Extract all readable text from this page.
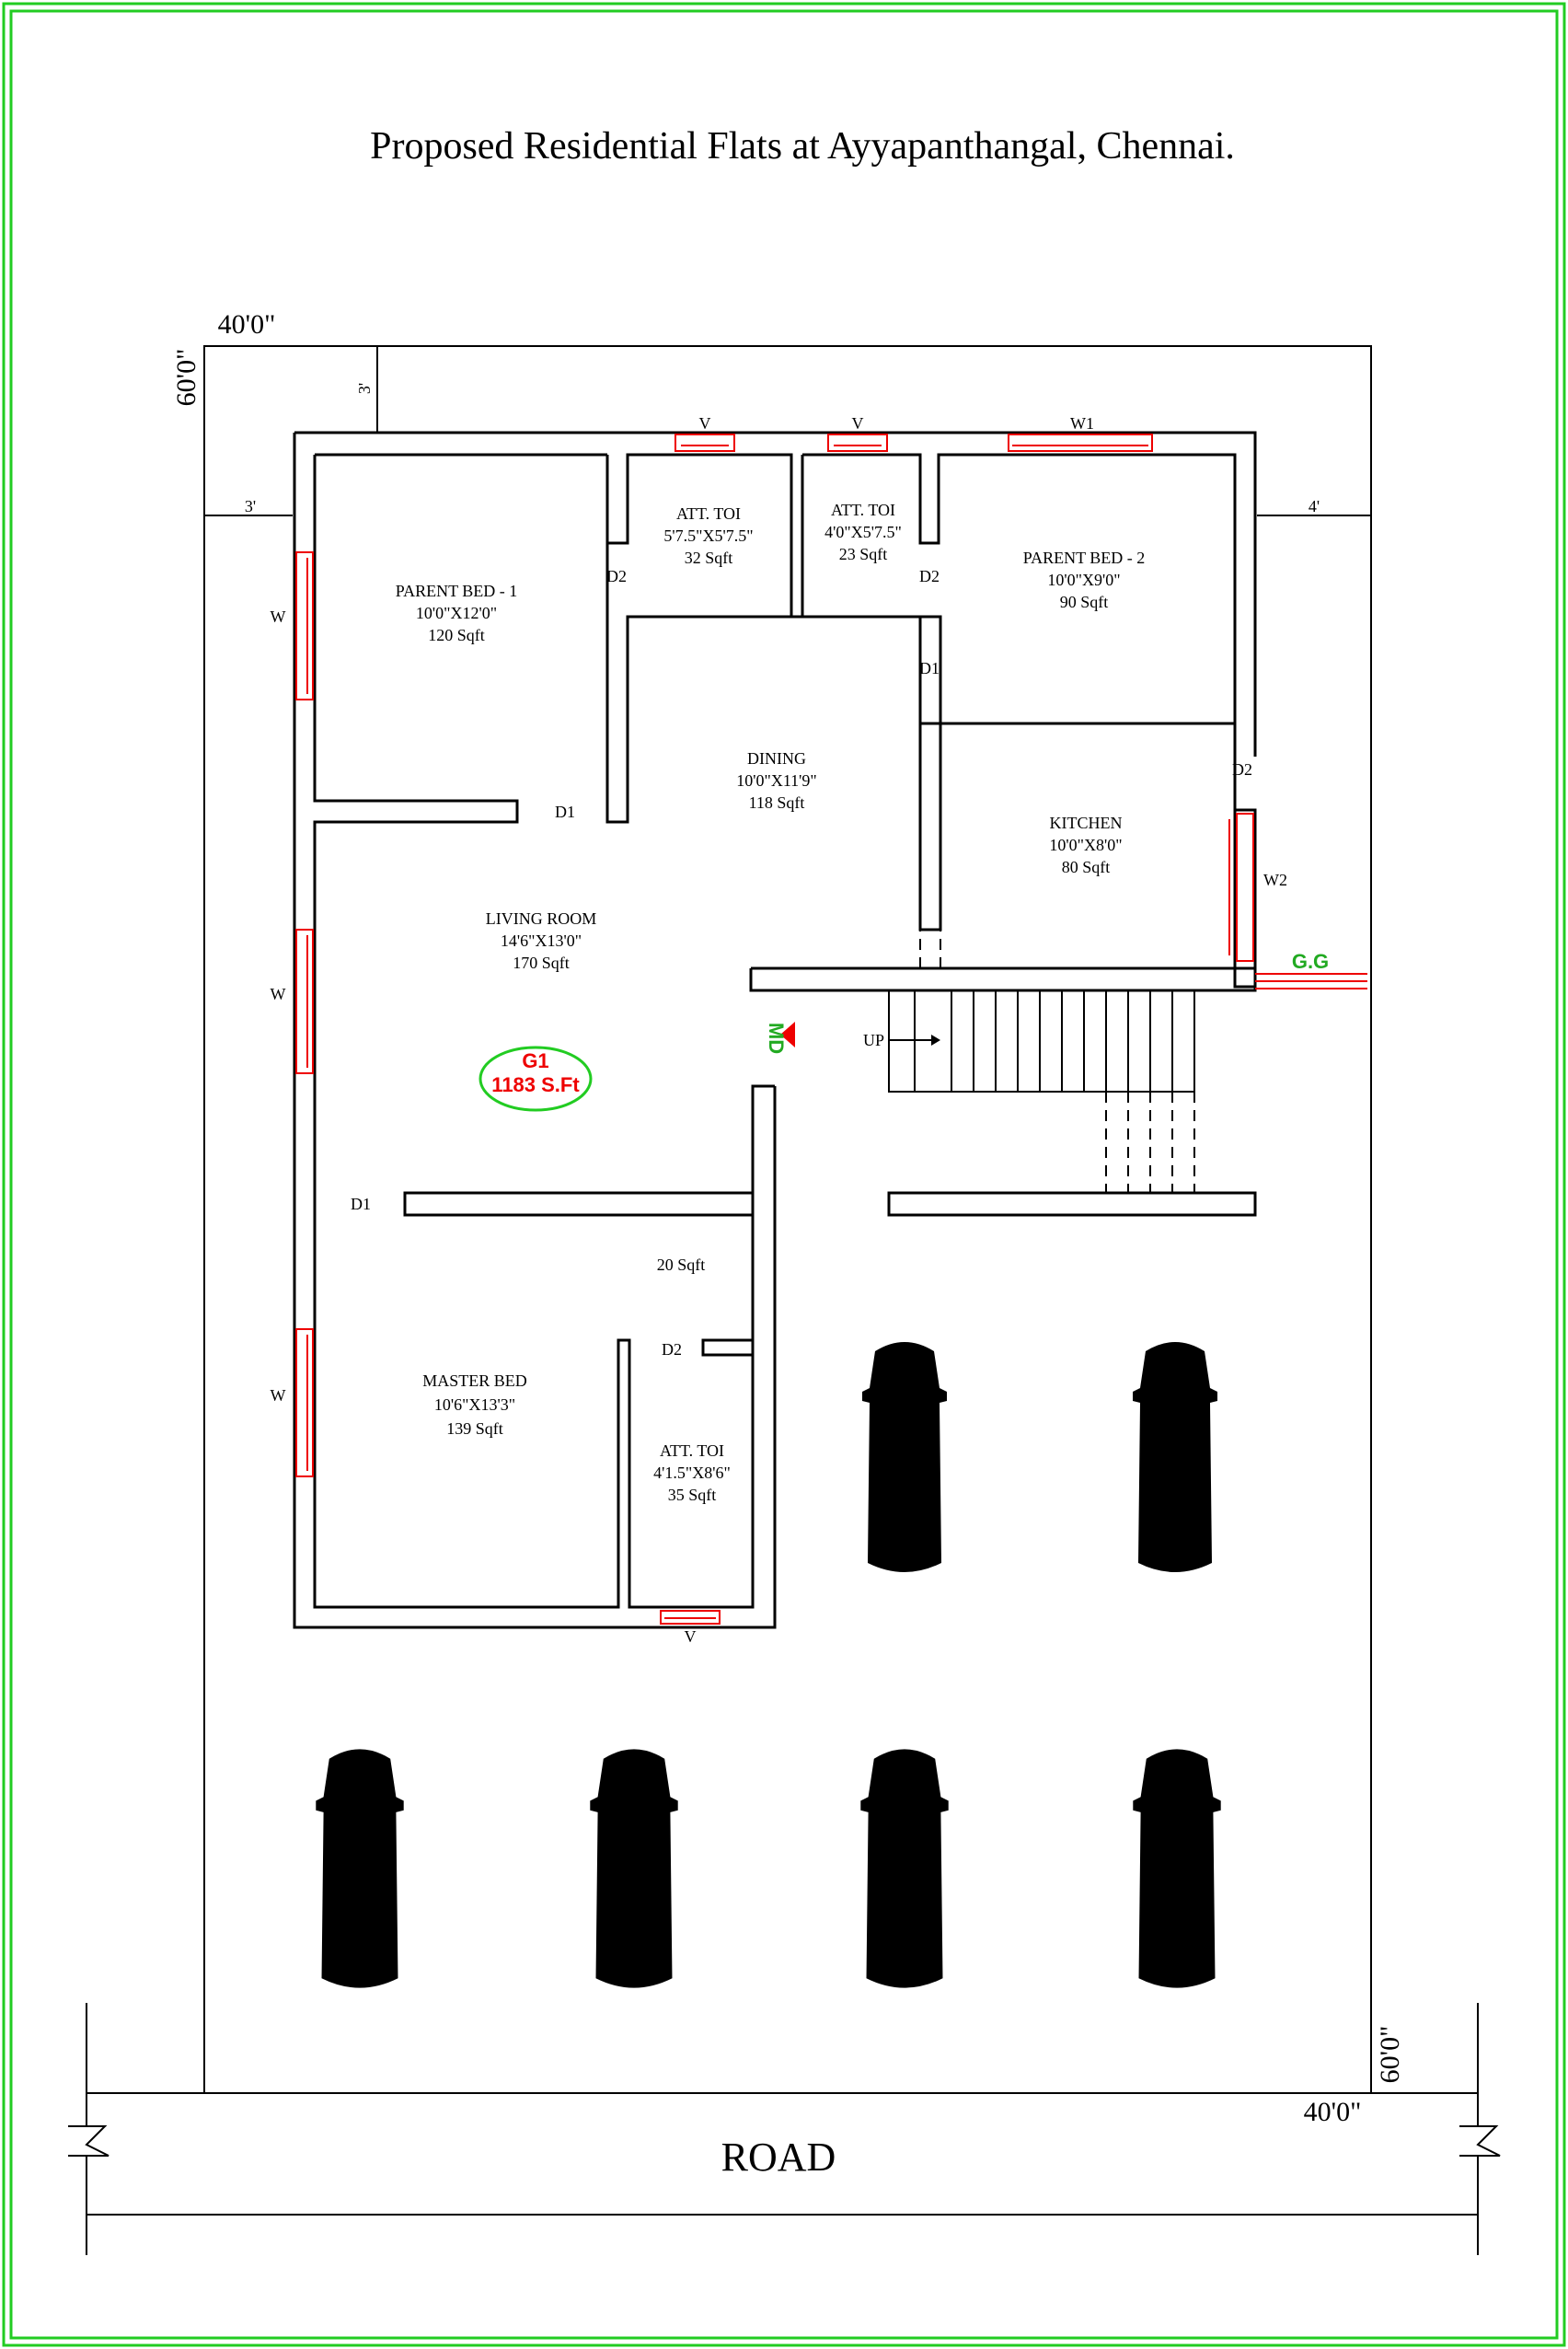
Proposed Residential Flats at Ayyapanthangal, Chennai.
40'0"
60'0"
40'0"
60'0"
3'
3'	4'
ROAD
UP
V	V	W1
W
W
W
W2
V
D2	D2
D1
D2
D1
D1
D2
PARENT BED - 1
10'0"X12'0"
120 Sqft
ATT. TOI
5'7.5"X5'7.5"
32 Sqft
ATT. TOI
4'0"X5'7.5"
23 Sqft	PARENT BED - 2
10'0"X9'0"
90 Sqft
DINING
10'0"X11'9"
118 Sqft
KITCHEN
10'0"X8'0"
80 Sqft
LIVING ROOM
14'6"X13'0"
170 Sqft
20 Sqft
MASTER BED
10'6"X13'3"
139 Sqft
ATT. TOI
4'1.5"X8'6"
35 Sqft
G1
1183 S.Ft
MD
G.G
